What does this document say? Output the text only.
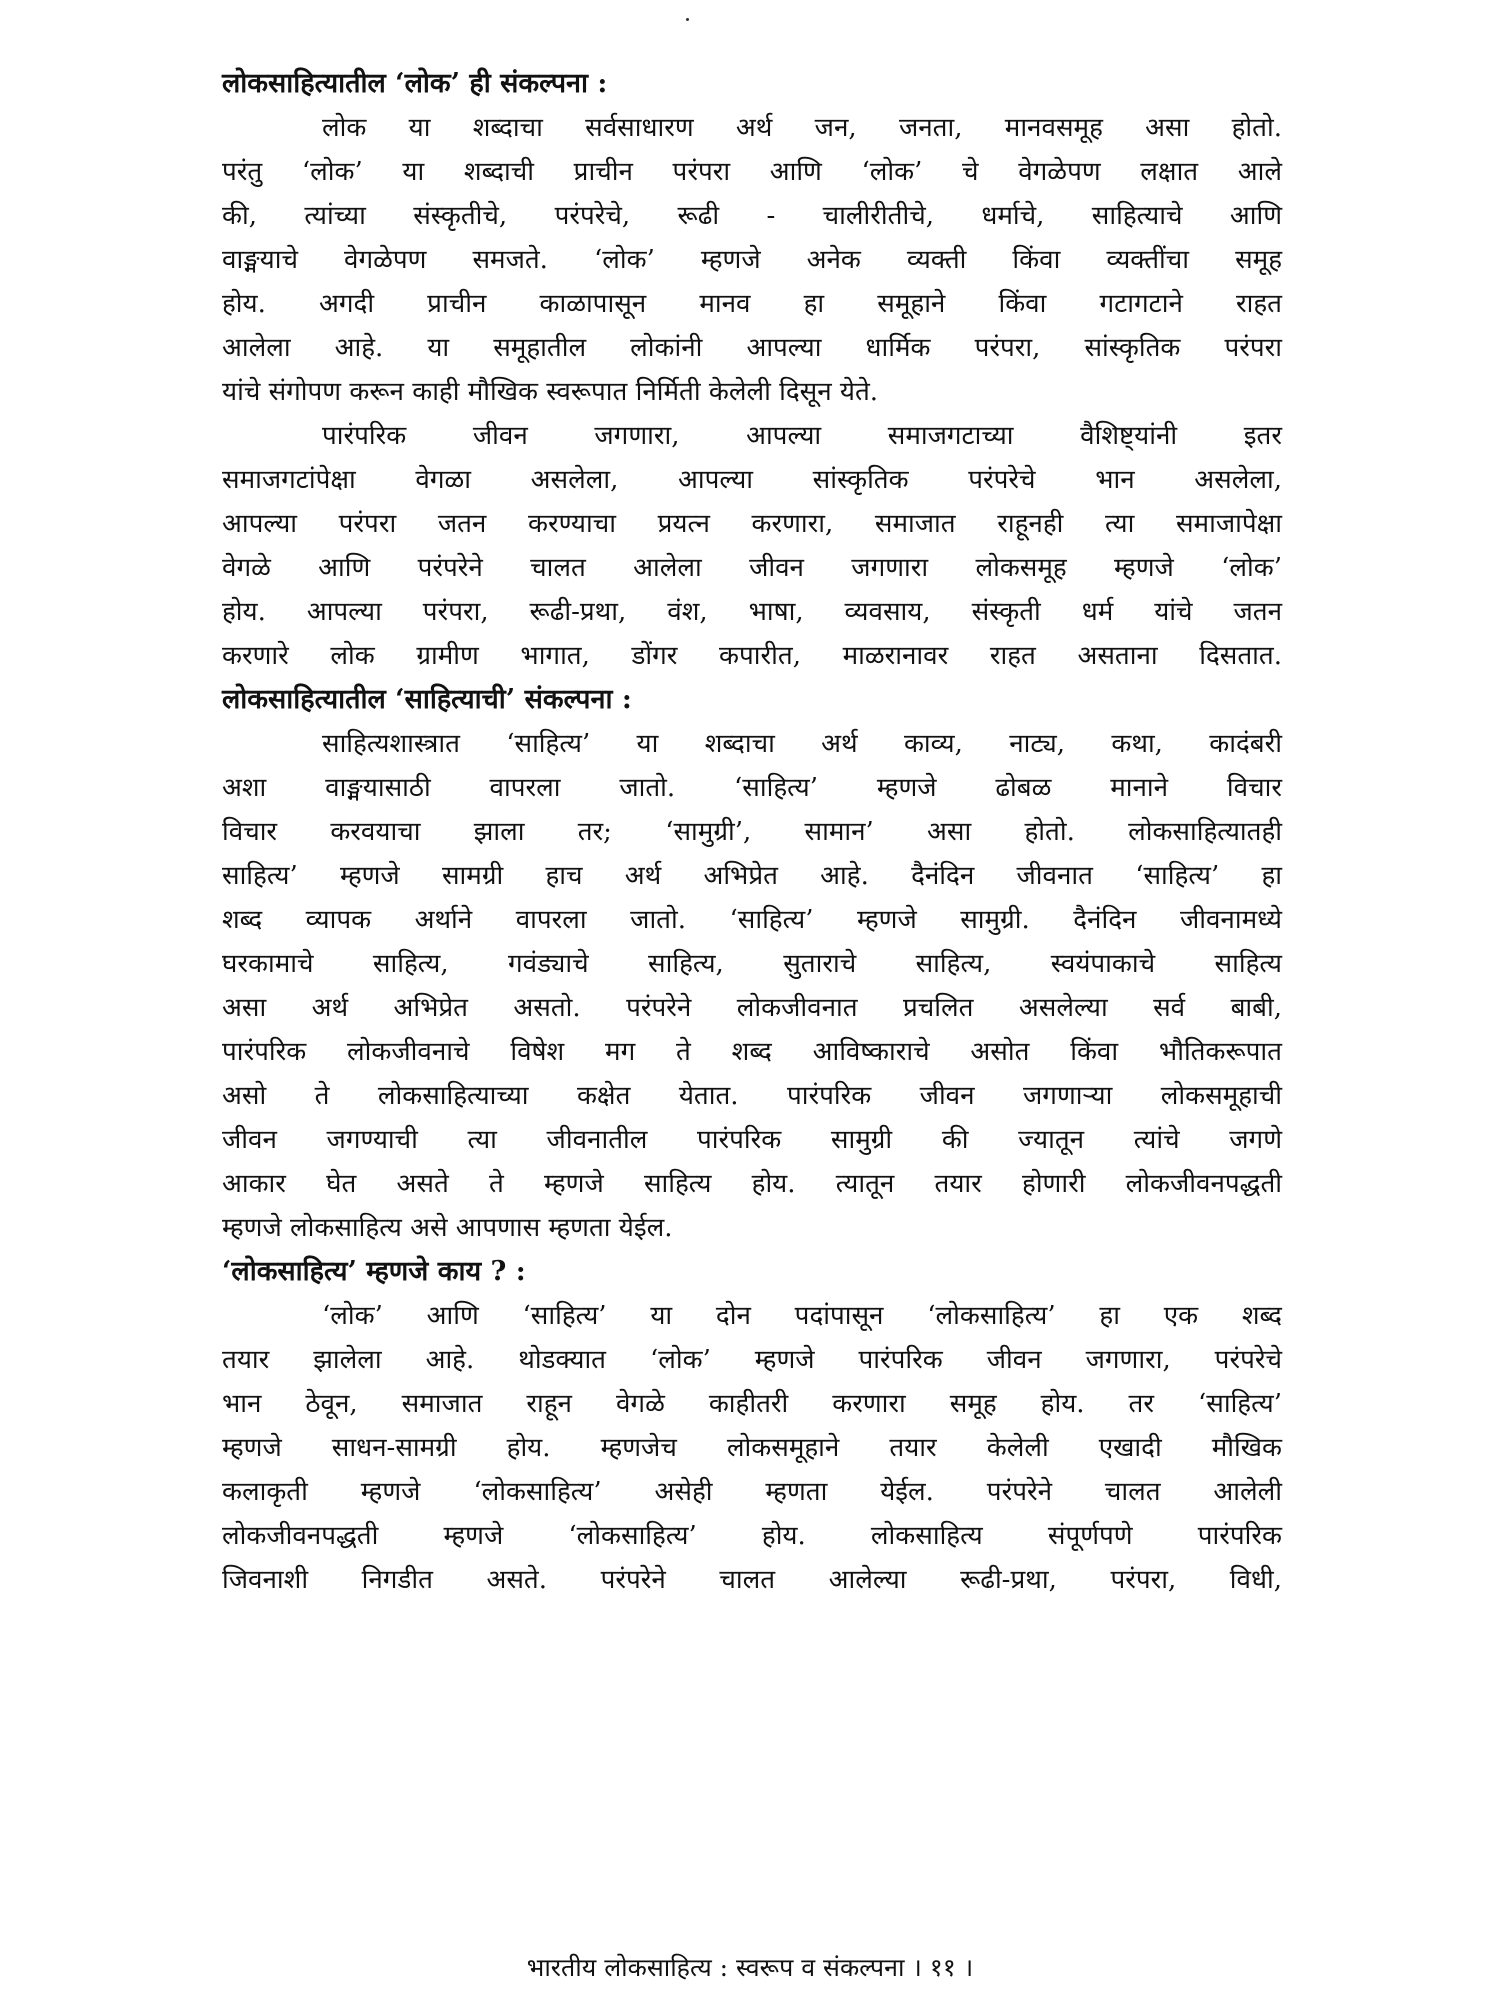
लोकसाहित्यातील ‘लोक’ ही संकल्पना :
लोक या शब्दाचा सर्वसाधारण अर्थ जन, जनता, मानवसमूह असा होतो.
परंतु ‘लोक’ या शब्दाची प्राचीन परंपरा आणि ‘लोक’ चे वेगळेपण लक्षात आले
की, त्यांच्या संस्कृतीचे, परंपरेचे, रूढी - चालीरीतीचे, धर्माचे, साहित्याचे आणि
वाङ्मयाचे वेगळेपण समजते. ‘लोक’ म्हणजे अनेक व्यक्ती किंवा व्यक्तींचा समूह
होय. अगदी प्राचीन काळापासून मानव हा समूहाने किंवा गटागटाने राहत
आलेला आहे. या समूहातील लोकांनी आपल्या धार्मिक परंपरा, सांस्कृतिक परंपरा
यांचे संगोपण करून काही मौखिक स्वरूपात निर्मिती केलेली दिसून येते.
पारंपरिक जीवन जगणारा, आपल्या समाजगटाच्या वैशिष्ट्यांनी इतर
समाजगटांपेक्षा वेगळा असलेला, आपल्या सांस्कृतिक परंपरेचे भान असलेला,
आपल्या परंपरा जतन करण्याचा प्रयत्न करणारा, समाजात राहूनही त्या समाजापेक्षा
वेगळे आणि परंपरेने चालत आलेला जीवन जगणारा लोकसमूह म्हणजे ‘लोक’
होय. आपल्या परंपरा, रूढी-प्रथा, वंश, भाषा, व्यवसाय, संस्कृती धर्म यांचे जतन
करणारे लोक ग्रामीण भागात, डोंगर कपारीत, माळरानावर राहत असताना दिसतात.
लोकसाहित्यातील ‘साहित्याची’ संकल्पना :
साहित्यशास्त्रात ‘साहित्य’ या शब्दाचा अर्थ काव्य, नाट्य, कथा, कादंबरी
अशा वाङ्मयासाठी वापरला जातो. ‘साहित्य’ म्हणजे ढोबळ मानाने विचार
विचार करवयाचा झाला तर; ‘सामुग्री’, सामान’ असा होतो. लोकसाहित्यातही
साहित्य’ म्हणजे सामग्री हाच अर्थ अभिप्रेत आहे. दैनंदिन जीवनात ‘साहित्य’ हा
शब्द व्यापक अर्थाने वापरला जातो. ‘साहित्य’ म्हणजे सामुग्री. दैनंदिन जीवनामध्ये
घरकामाचे साहित्य, गवंड्याचे साहित्य, सुताराचे साहित्य, स्वयंपाकाचे साहित्य
असा अर्थ अभिप्रेत असतो. परंपरेने लोकजीवनात प्रचलित असलेल्या सर्व बाबी,
पारंपरिक लोकजीवनाचे विषेश मग ते शब्द आविष्काराचे असोत किंवा भौतिकरूपात
असो ते लोकसाहित्याच्या कक्षेत येतात. पारंपरिक जीवन जगणाऱ्या लोकसमूहाची
जीवन जगण्याची त्या जीवनातील पारंपरिक सामुग्री की ज्यातून त्यांचे जगणे
आकार घेत असते ते म्हणजे साहित्य होय. त्यातून तयार होणारी लोकजीवनपद्धती
म्हणजे लोकसाहित्य असे आपणास म्हणता येईल.
‘लोकसाहित्य’ म्हणजे काय ? :
‘लोक’ आणि ‘साहित्य’ या दोन पदांपासून ‘लोकसाहित्य’ हा एक शब्द
तयार झालेला आहे. थोडक्यात ‘लोक’ म्हणजे पारंपरिक जीवन जगणारा, परंपरेचे
भान ठेवून, समाजात राहून वेगळे काहीतरी करणारा समूह होय. तर ‘साहित्य’
म्हणजे साधन-सामग्री होय. म्हणजेच लोकसमूहाने तयार केलेली एखादी मौखिक
कलाकृती म्हणजे ‘लोकसाहित्य’ असेही म्हणता येईल. परंपरेने चालत आलेली
लोकजीवनपद्धती म्हणजे ‘लोकसाहित्य’ होय. लोकसाहित्य संपूर्णपणे पारंपरिक
जिवनाशी निगडीत असते. परंपरेने चालत आलेल्या रूढी-प्रथा, परंपरा, विधी,
भारतीय लोकसाहित्य : स्वरूप व संकल्पना । ११ ।
